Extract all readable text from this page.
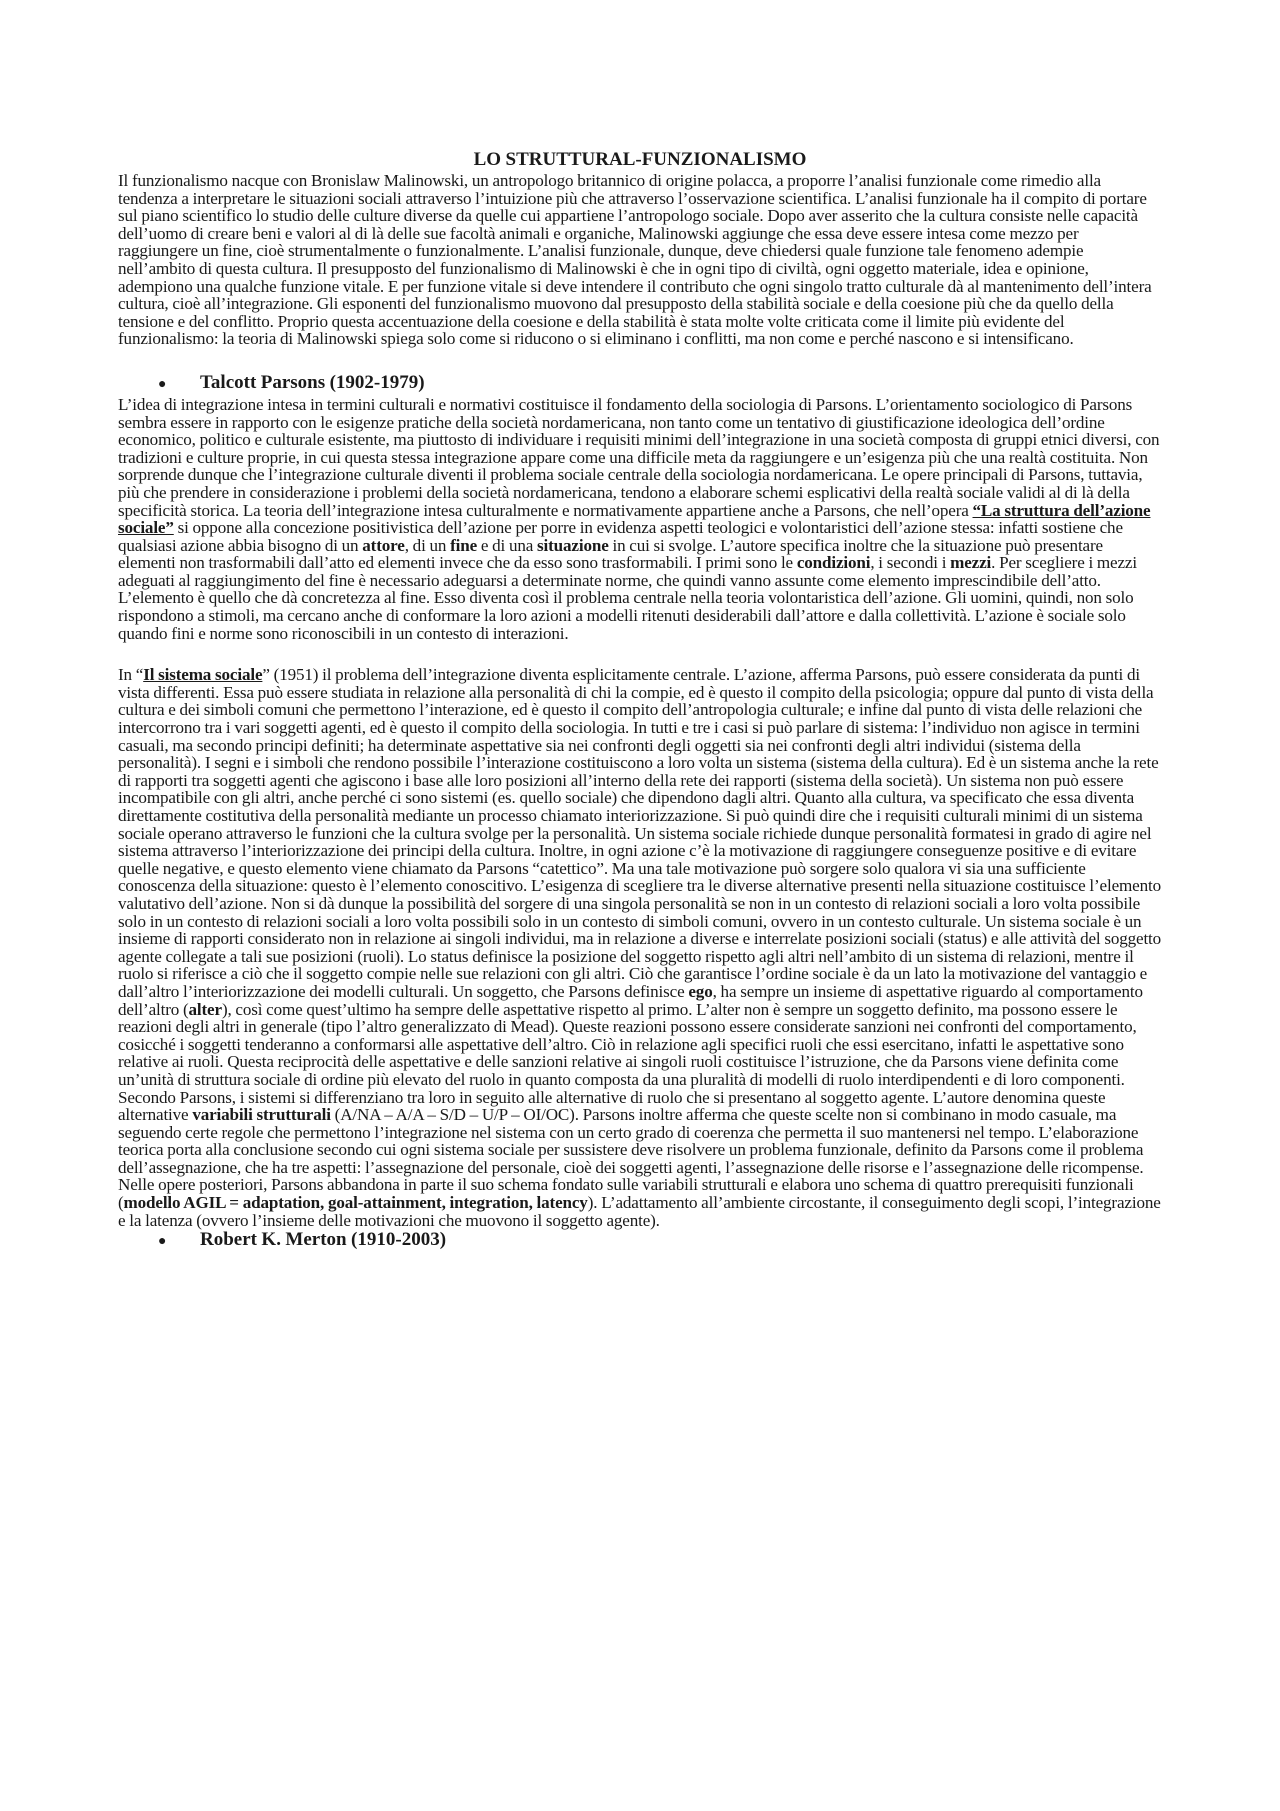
LO STRUTTURAL-FUNZIONALISMO

Il funzionalismo nacque con Bronislaw Malinowski, un antropologo britannico di origine polacca, a proporre l’analisi funzionale come rimedio alla tendenza a interpretare le situazioni sociali attraverso l’intuizione più che attraverso l’osservazione scientifica. L’analisi funzionale ha il compito di portare sul piano scientifico lo studio delle culture diverse da quelle cui appartiene l’antropologo sociale. Dopo aver asserito che la cultura consiste nelle capacità dell’uomo di creare beni e valori al di là delle sue facoltà animali e organiche, Malinowski aggiunge che essa deve essere intesa come mezzo per raggiungere un fine, cioè strumentalmente o funzionalmente. L’analisi funzionale, dunque, deve chiedersi quale funzione tale fenomeno adempie nell’ambito di questa cultura. Il presupposto del funzionalismo di Malinowski è che in ogni tipo di civiltà, ogni oggetto materiale, idea e opinione, adempiono una qualche funzione vitale. E per funzione vitale si deve intendere il contributo che ogni singolo tratto culturale dà al mantenimento dell’intera cultura, cioè all’integrazione. Gli esponenti del funzionalismo muovono dal presupposto della stabilità sociale e della coesione più che da quello della tensione e del conflitto. Proprio questa accentuazione della coesione e della stabilità è stata molte volte criticata come il limite più evidente del funzionalismo: la teoria di Malinowski spiega solo come si riducono o si eliminano i conflitti, ma non come e perché nascono e si intensificano.

●	Talcott Parsons (1902-1979)

L’idea di integrazione intesa in termini culturali e normativi costituisce il fondamento della sociologia di Parsons. L’orientamento sociologico di Parsons sembra essere in rapporto con le esigenze pratiche della società nordamericana, non tanto come un tentativo di giustificazione ideologica dell’ordine economico, politico e culturale esistente, ma piuttosto di individuare i requisiti minimi dell’integrazione in una società composta di gruppi etnici diversi, con tradizioni e culture proprie, in cui questa stessa integrazione appare come una difficile meta da raggiungere e un’esigenza più che una realtà costituita. Non sorprende dunque che l’integrazione culturale diventi il problema sociale centrale della sociologia nordamericana. Le opere principali di Parsons, tuttavia, più che prendere in considerazione i problemi della società nordamericana, tendono a elaborare schemi esplicativi della realtà sociale validi al di là della specificità storica. La teoria dell’integrazione intesa culturalmente e normativamente appartiene anche a Parsons, che nell’opera “La struttura dell’azione sociale” si oppone alla concezione positivistica dell’azione per porre in evidenza aspetti teologici e volontaristici dell’azione stessa: infatti sostiene che qualsiasi azione abbia bisogno di un attore, di un fine e di una situazione in cui si svolge. L’autore specifica inoltre che la situazione può presentare elementi non trasformabili dall’atto ed elementi invece che da esso sono trasformabili. I primi sono le condizioni, i secondi i mezzi. Per scegliere i mezzi adeguati al raggiungimento del fine è necessario adeguarsi a determinate norme, che quindi vanno assunte come elemento imprescindibile dell’atto. L’elemento è quello che dà concretezza al fine. Esso diventa così il problema centrale nella teoria volontaristica dell’azione. Gli uomini, quindi, non solo rispondono a stimoli, ma cercano anche di conformare la loro azioni a modelli ritenuti desiderabili dall’attore e dalla collettività. L’azione è sociale solo quando fini e norme sono riconoscibili in un contesto di interazioni.

In “Il sistema sociale” (1951) il problema dell’integrazione diventa esplicitamente centrale. L’azione, afferma Parsons, può essere considerata da punti di vista differenti. Essa può essere studiata in relazione alla personalità di chi la compie, ed è questo il compito della psicologia; oppure dal punto di vista della cultura e dei simboli comuni che permettono l’interazione, ed è questo il compito dell’antropologia culturale; e infine dal punto di vista delle relazioni che intercorrono tra i vari soggetti agenti, ed è questo il compito della sociologia. In tutti e tre i casi si può parlare di sistema: l’individuo non agisce in termini casuali, ma secondo principi definiti; ha determinate aspettative sia nei confronti degli oggetti sia nei confronti degli altri individui (sistema della personalità). I segni e i simboli che rendono possibile l’interazione costituiscono a loro volta un sistema (sistema della cultura). Ed è un sistema anche la rete di rapporti tra soggetti agenti che agiscono i base alle loro posizioni all’interno della rete dei rapporti (sistema della società). Un sistema non può essere incompatibile con gli altri, anche perché ci sono sistemi (es. quello sociale) che dipendono dagli altri. Quanto alla cultura, va specificato che essa diventa direttamente costitutiva della personalità mediante un processo chiamato interiorizzazione. Si può quindi dire che i requisiti culturali minimi di un sistema sociale operano attraverso le funzioni che la cultura svolge per la personalità. Un sistema sociale richiede dunque personalità formatesi in grado di agire nel sistema attraverso l’interiorizzazione dei principi della cultura. Inoltre, in ogni azione c’è la motivazione di raggiungere conseguenze positive e di evitare quelle negative, e questo elemento viene chiamato da Parsons “catettico”. Ma una tale motivazione può sorgere solo qualora vi sia una sufficiente conoscenza della situazione: questo è l’elemento conoscitivo. L’esigenza di scegliere tra le diverse alternative presenti nella situazione costituisce l’elemento valutativo dell’azione. Non si dà dunque la possibilità del sorgere di una singola personalità se non in un contesto di relazioni sociali a loro volta possibile solo in un contesto di relazioni sociali a loro volta possibili solo in un contesto di simboli comuni, ovvero in un contesto culturale. Un sistema sociale è un insieme di rapporti considerato non in relazione ai singoli individui, ma in relazione a diverse e interrelate posizioni sociali (status) e alle attività del soggetto agente collegate a tali sue posizioni (ruoli). Lo status definisce la posizione del soggetto rispetto agli altri nell’ambito di un sistema di relazioni, mentre il ruolo si riferisce a ciò che il soggetto compie nelle sue relazioni con gli altri. Ciò che garantisce l’ordine sociale è da un lato la motivazione del vantaggio e dall’altro l’interiorizzazione dei modelli culturali. Un soggetto, che Parsons definisce ego, ha sempre un insieme di aspettative riguardo al comportamento dell’altro (alter), così come quest’ultimo ha sempre delle aspettative rispetto al primo. L’alter non è sempre un soggetto definito, ma possono essere le reazioni degli altri in generale (tipo l’altro generalizzato di Mead). Queste reazioni possono essere considerate sanzioni nei confronti del comportamento, cosicché i soggetti tenderanno a conformarsi alle aspettative dell’altro. Ciò in relazione agli specifici ruoli che essi esercitano, infatti le aspettative sono relative ai ruoli. Questa reciprocità delle aspettative e delle sanzioni relative ai singoli ruoli costituisce l’istruzione, che da Parsons viene definita come un’unità di struttura sociale di ordine più elevato del ruolo in quanto composta da una pluralità di modelli di ruolo interdipendenti e di loro componenti. Secondo Parsons, i sistemi si differenziano tra loro in seguito alle alternative di ruolo che si presentano al soggetto agente. L’autore denomina queste alternative variabili strutturali (A/NA – A/A – S/D – U/P – OI/OC). Parsons inoltre afferma che queste scelte non si combinano in modo casuale, ma seguendo certe regole che permettono l’integrazione nel sistema con un certo grado di coerenza che permetta il suo mantenersi nel tempo. L’elaborazione teorica porta alla conclusione secondo cui ogni sistema sociale per sussistere deve risolvere un problema funzionale, definito da Parsons come il problema dell’assegnazione, che ha tre aspetti: l’assegnazione del personale, cioè dei soggetti agenti, l’assegnazione delle risorse e l’assegnazione delle ricompense. Nelle opere posteriori, Parsons abbandona in parte il suo schema fondato sulle variabili strutturali e elabora uno schema di quattro prerequisiti funzionali (modello AGIL = adaptation, goal-attainment, integration, latency). L’adattamento all’ambiente circostante, il conseguimento degli scopi, l’integrazione e la latenza (ovvero l’insieme delle motivazioni che muovono il soggetto agente).

●	Robert K. Merton (1910-2003)
